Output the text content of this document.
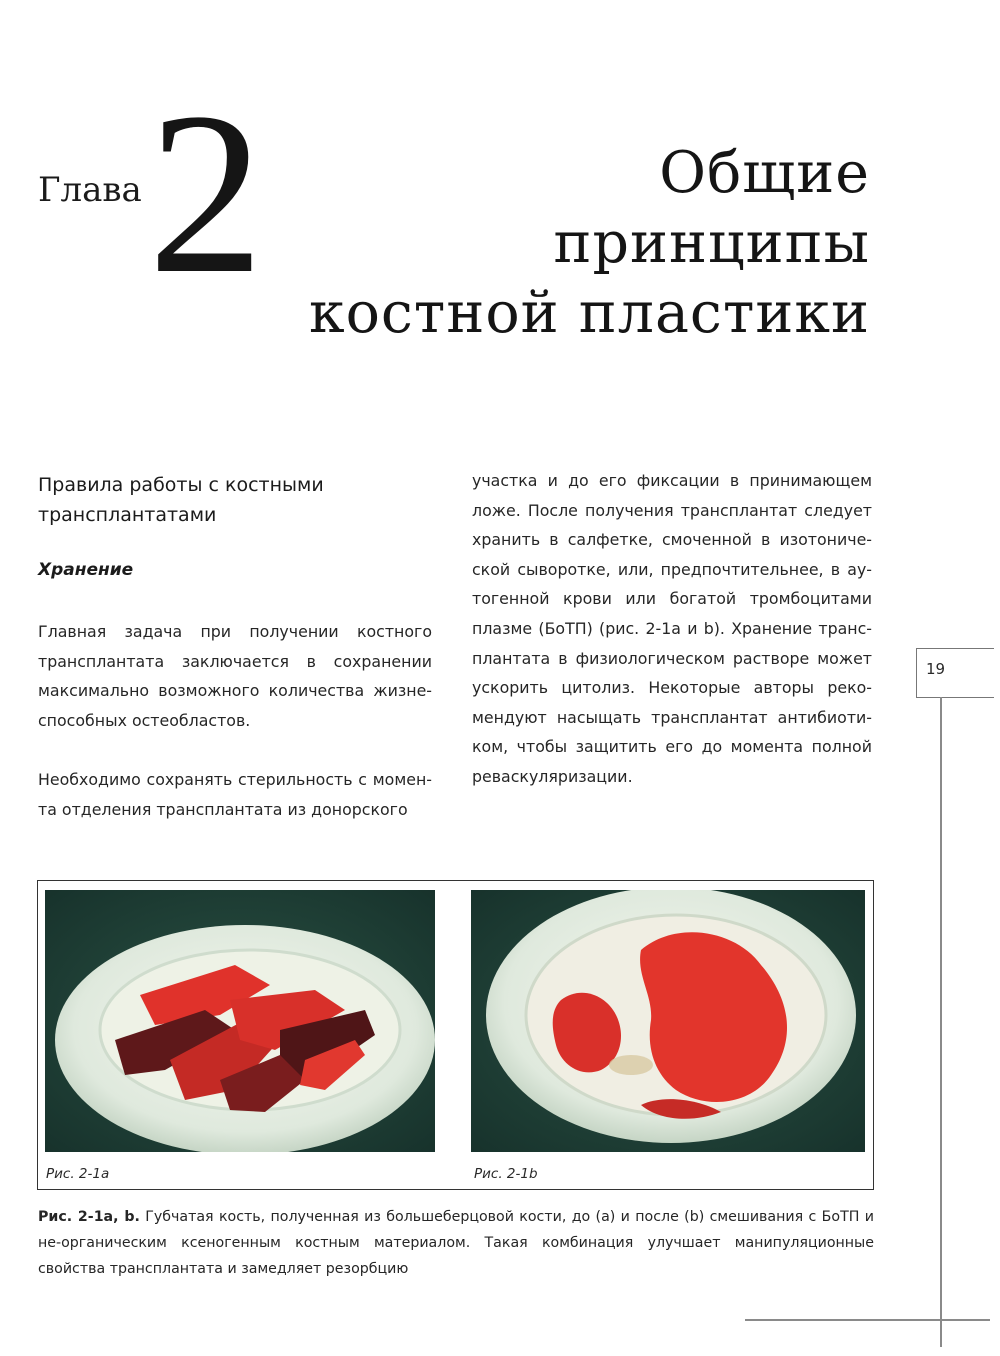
Глава 2	Общие
принципы
костной пластики
Правила работы с костными
трансплантатами
Хранение
Главная задача при получении костного трансплантата заключается в сохранении максимально возможного количества жизне-способных остеобластов.
Необходимо сохранять стерильность с момен-та отделения трансплантата из донорского
участка и до его фиксации в принимающем ложе. После получения трансплантат следует хранить в салфетке, смоченной в изотониче-ской сыворотке, или, предпочтительнее, в ау-тогенной крови или богатой тромбоцитами плазме (БоТП) (рис. 2-1a и b). Хранение транс-плантата в физиологическом растворе может ускорить цитолиз. Некоторые авторы реко-мендуют насыщать трансплантат антибиоти-ком, чтобы защитить его до момента полной реваскуляризации.
19
Рис. 2-1a	Рис. 2-1b
Рис. 2-1a, b. Губчатая кость, полученная из большеберцовой кости, до (a) и после (b) смешивания с БоТП и не-органическим ксеногенным костным материалом. Такая комбинация улучшает манипуляционные свойства трансплантата и замедляет резорбцию
